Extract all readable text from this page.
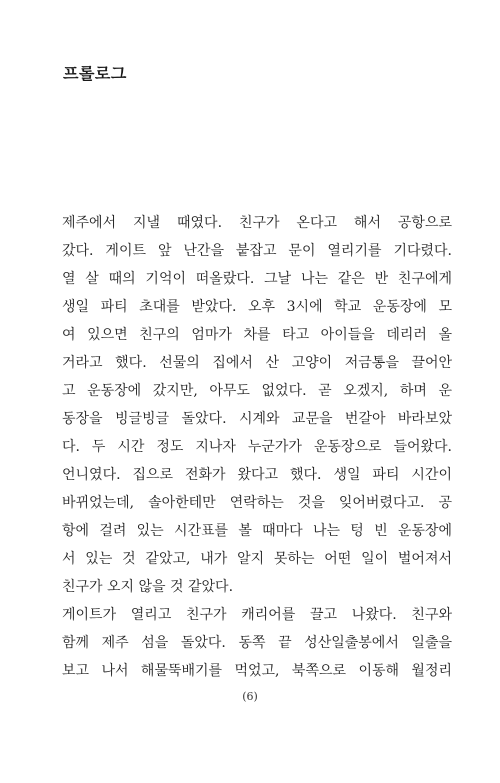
프롤로그
제주에서 지낼 때였다. 친구가 온다고 해서 공항으로
갔다. 게이트 앞 난간을 붙잡고 문이 열리기를 기다렸다.
열 살 때의 기억이 떠올랐다. 그날 나는 같은 반 친구에게
생일 파티 초대를 받았다. 오후 3시에 학교 운동장에 모
여 있으면 친구의 엄마가 차를 타고 아이들을 데리러 올
거라고 했다. 선물의 집에서 산 고양이 저금통을 끌어안
고 운동장에 갔지만, 아무도 없었다. 곧 오겠지, 하며 운
동장을 빙글빙글 돌았다. 시계와 교문을 번갈아 바라보았
다. 두 시간 정도 지나자 누군가가 운동장으로 들어왔다.
언니였다. 집으로 전화가 왔다고 했다. 생일 파티 시간이
바뀌었는데, 솔아한테만 연락하는 것을 잊어버렸다고. 공
항에 걸려 있는 시간표를 볼 때마다 나는 텅 빈 운동장에
서 있는 것 같았고, 내가 알지 못하는 어떤 일이 벌어져서
친구가 오지 않을 것 같았다.
게이트가 열리고 친구가 캐리어를 끌고 나왔다. 친구와
함께 제주 섬을 돌았다. 동쪽 끝 성산일출봉에서 일출을
보고 나서 해물뚝배기를 먹었고, 북쪽으로 이동해 월정리
(6)
